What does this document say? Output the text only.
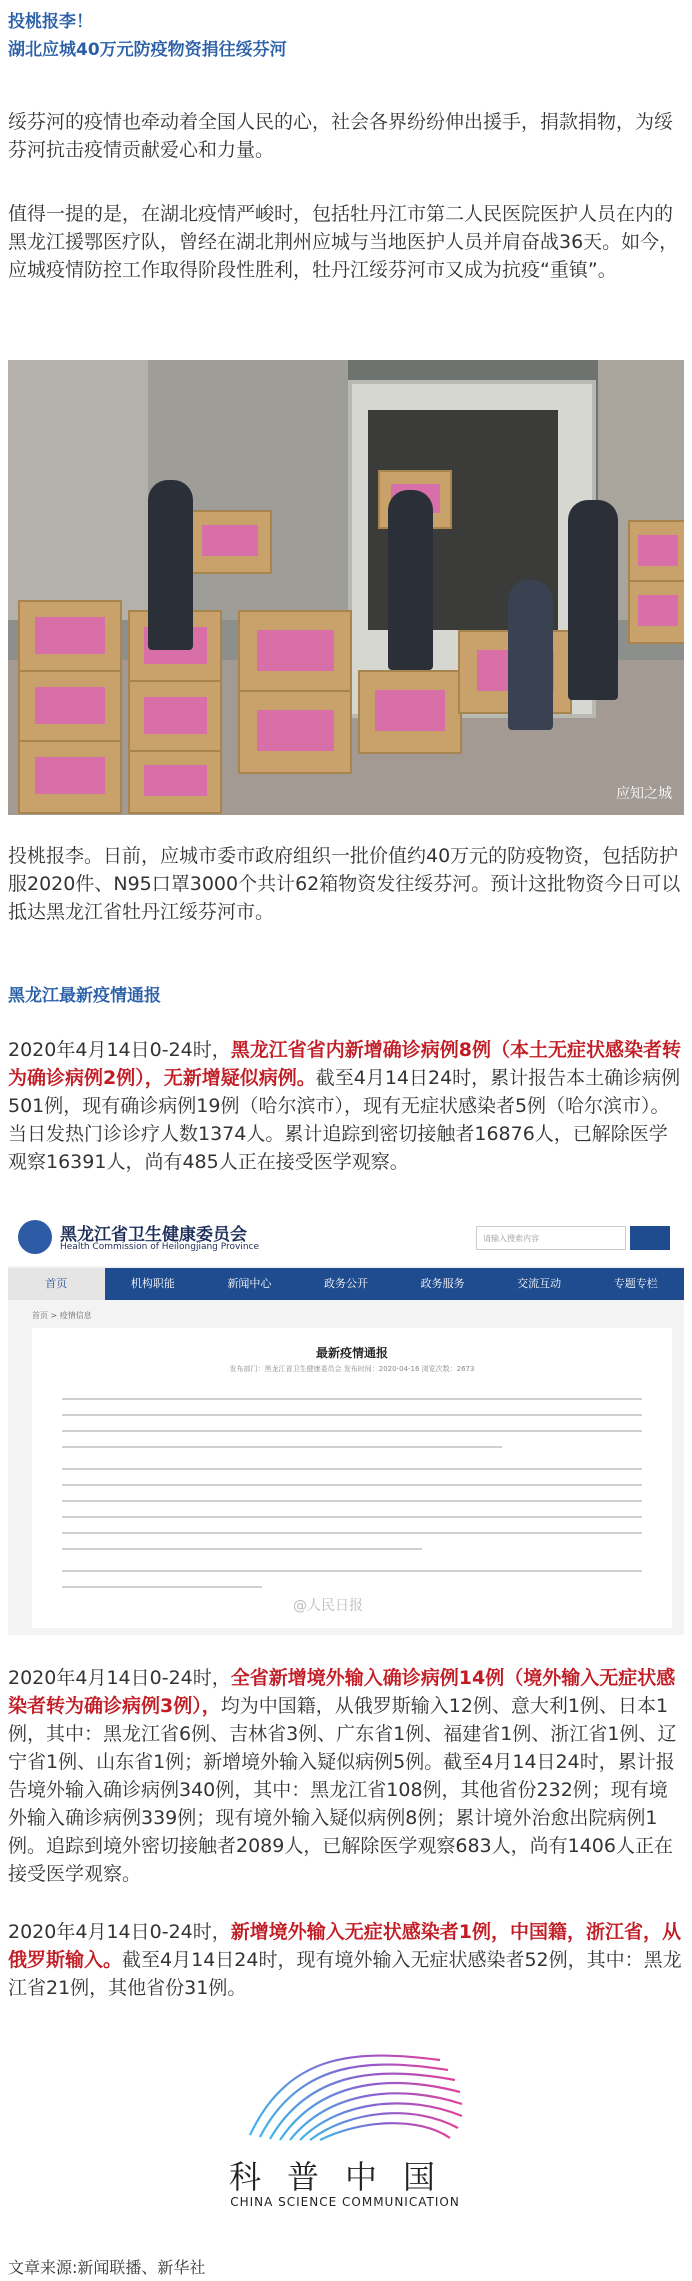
投桃报李！
湖北应城40万元防疫物资捐往绥芬河

绥芬河的疫情也牵动着全国人民的心，社会各界纷纷伸出援手，捐款捐物，为绥芬河抗击疫情贡献爱心和力量。

值得一提的是，在湖北疫情严峻时，包括牡丹江市第二人民医院医护人员在内的黑龙江援鄂医疗队，曾经在湖北荆州应城与当地医护人员并肩奋战36天。如今，应城疫情防控工作取得阶段性胜利，牡丹江绥芬河市又成为抗疫“重镇”。

应知之城

投桃报李。日前，应城市委市政府组织一批价值约40万元的防疫物资，包括防护服2020件、N95口罩3000个共计62箱物资发往绥芬河。预计这批物资今日可以抵达黑龙江省牡丹江绥芬河市。

黑龙江最新疫情通报

2020年4月14日0-24时，黑龙江省省内新增确诊病例8例（本土无症状感染者转为确诊病例2例），无新增疑似病例。截至4月14日24时，累计报告本土确诊病例501例，现有确诊病例19例（哈尔滨市），现有无症状感染者5例（哈尔滨市）。当日发热门诊诊疗人数1374人。累计追踪到密切接触者16876人，已解除医学观察16391人，尚有485人正在接受医学观察。

黑龙江省卫生健康委员会
Health Commission of Heilongjiang Province
请输入搜索内容
首页	机构职能	新闻中心	政务公开	政务服务	交流互动	专题专栏
首页 > 疫情信息
最新疫情通报
发布部门：黑龙江省卫生健康委员会 发布时间：2020-04-16 浏览次数：2673
@人民日报

2020年4月14日0-24时，全省新增境外输入确诊病例14例（境外输入无症状感染者转为确诊病例3例），均为中国籍，从俄罗斯输入12例、意大利1例、日本1例，其中：黑龙江省6例、吉林省3例、广东省1例、福建省1例、浙江省1例、辽宁省1例、山东省1例；新增境外输入疑似病例5例。截至4月14日24时，累计报告境外输入确诊病例340例，其中：黑龙江省108例，其他省份232例；现有境外输入确诊病例339例；现有境外输入疑似病例8例；累计境外治愈出院病例1例。追踪到境外密切接触者2089人，已解除医学观察683人，尚有1406人正在接受医学观察。

2020年4月14日0-24时，新增境外输入无症状感染者1例，中国籍，浙江省，从俄罗斯输入。截至4月14日24时，现有境外输入无症状感染者52例，其中：黑龙江省21例，其他省份31例。

科普中国
CHINA SCIENCE COMMUNICATION
文章来源:新闻联播、新华社
